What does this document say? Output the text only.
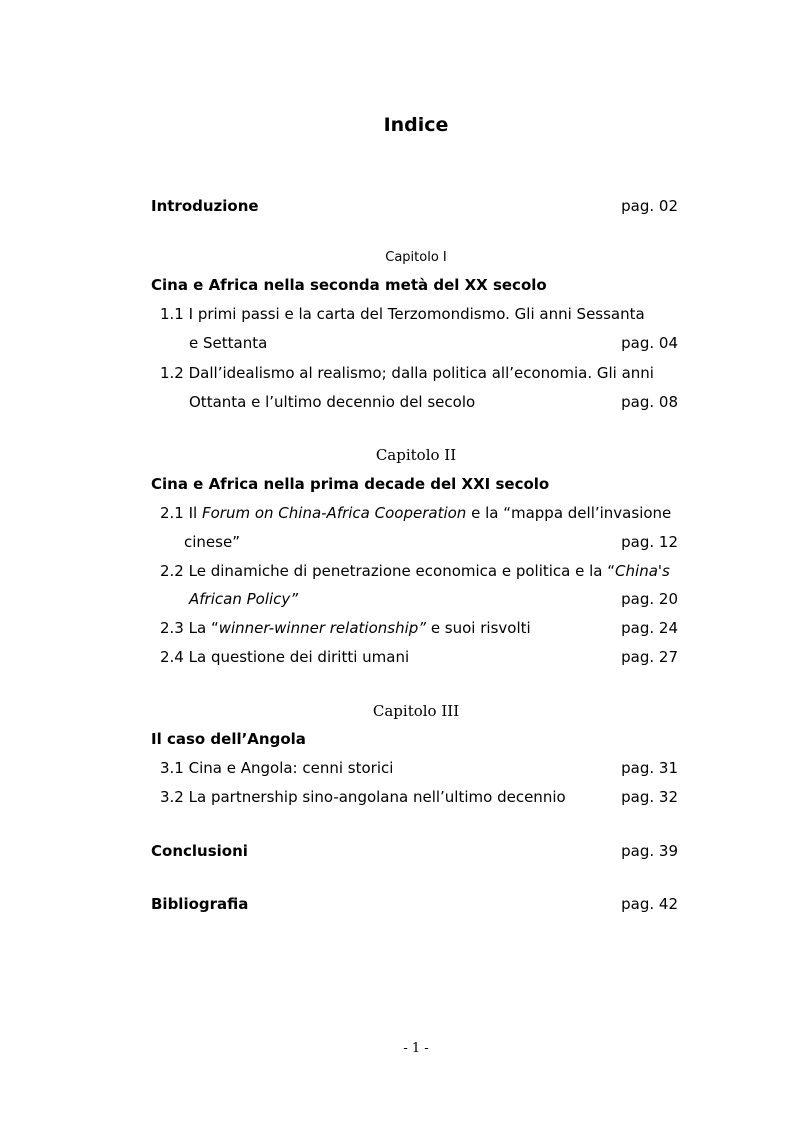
Indice
Introduzione	pag. 02
Capitolo I
Cina e Africa nella seconda metà del XX secolo
1.1 I primi passi e la carta del Terzomondismo. Gli anni Sessanta
e Settanta	pag. 04
1.2 Dall’idealismo al realismo; dalla politica all’economia. Gli anni
Ottanta e l’ultimo decennio del secolo	pag. 08
Capitolo II
Cina e Africa nella prima decade del XXI secolo
2.1 Il Forum on China-Africa Cooperation e la “mappa dell’invasione
cinese”	pag. 12
2.2 Le dinamiche di penetrazione economica e politica e la “China's
African Policy”	pag. 20
2.3 La “winner-winner relationship” e suoi risvolti	pag. 24
2.4 La questione dei diritti umani	pag. 27
Capitolo III
Il caso dell’Angola
3.1 Cina e Angola: cenni storici	pag. 31
3.2 La partnership sino-angolana nell’ultimo decennio	pag. 32
Conclusioni	pag. 39
Bibliografia	pag. 42
- 1 -
